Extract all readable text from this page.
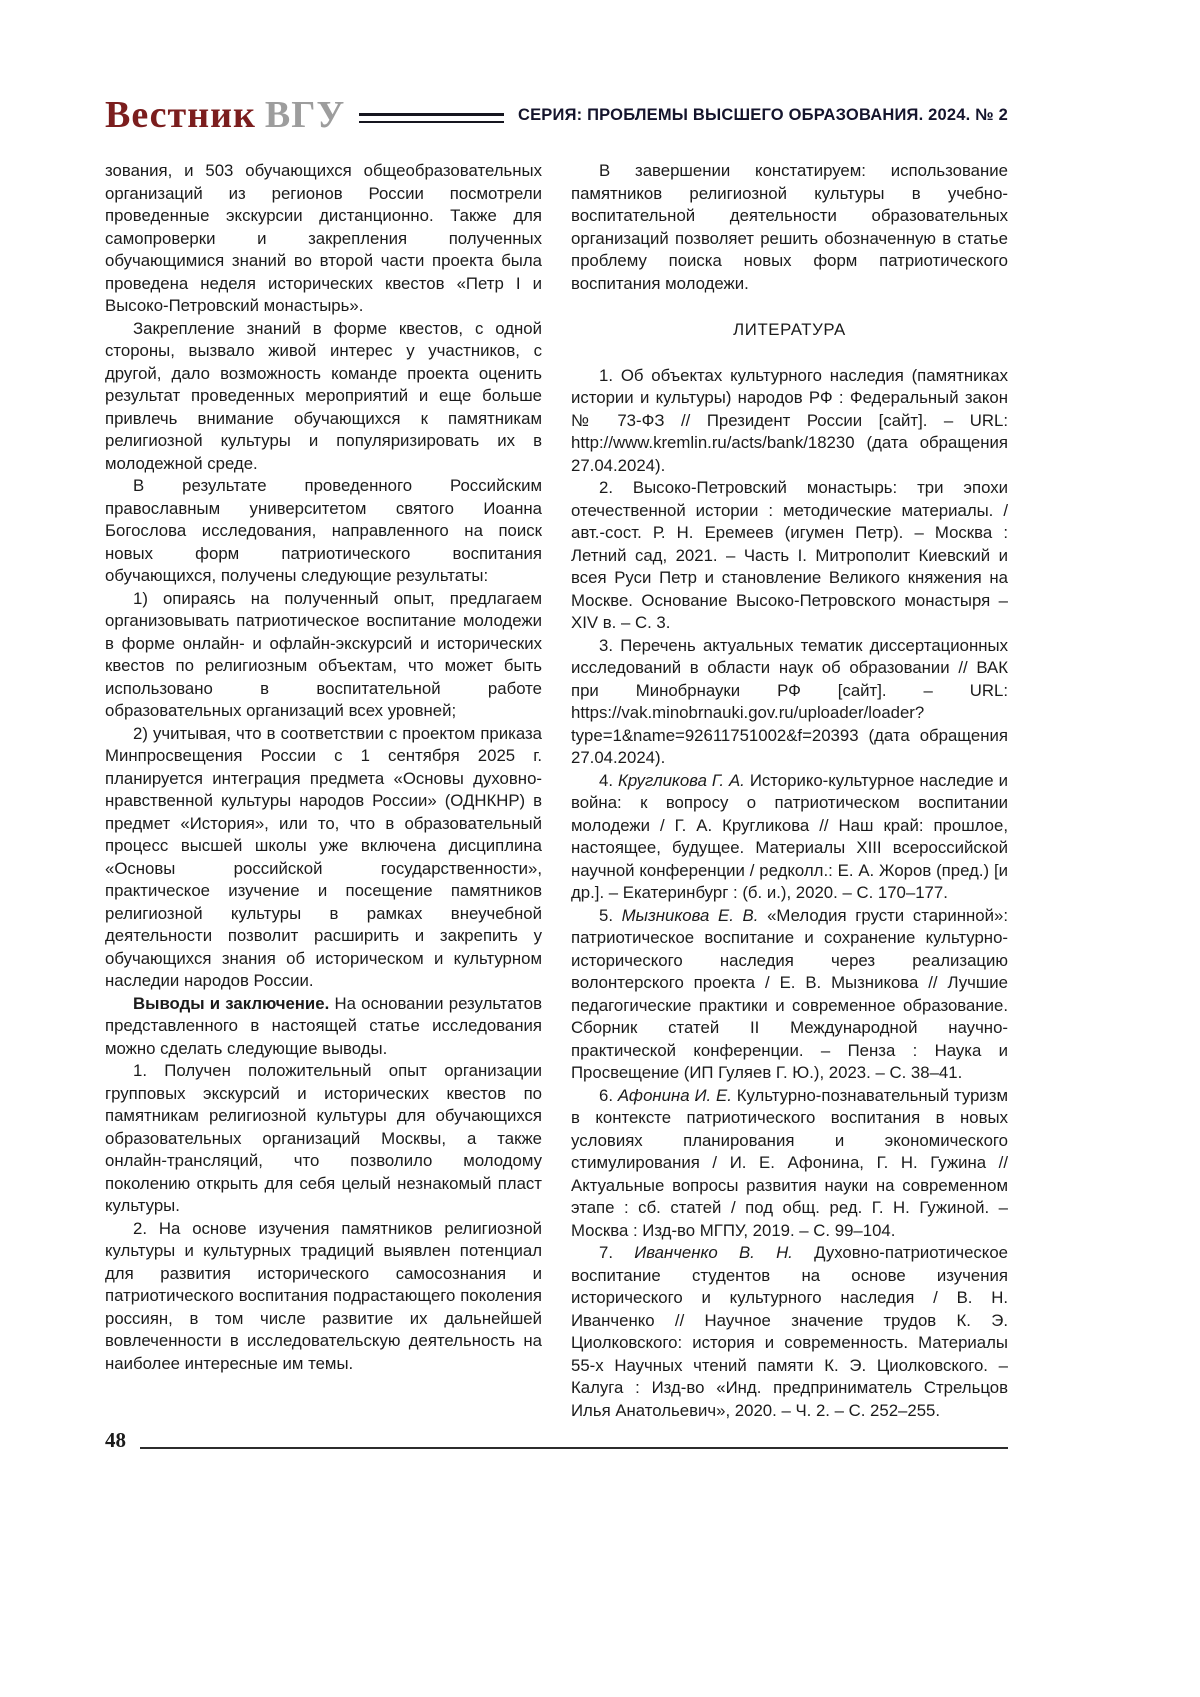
Вестник ВГУ	СЕРИЯ: ПРОБЛЕМЫ ВЫСШЕГО ОБРАЗОВАНИЯ. 2024. № 2

зования, и 503 обучающихся общеобразовательных организаций из регионов России посмотрели проведенные экскурсии дистанционно. Также для самопроверки и закрепления полученных обучающимися знаний во второй части проекта была проведена неделя исторических квестов «Петр I и Высоко-Петровский монастырь».

Закрепление знаний в форме квестов, с одной стороны, вызвало живой интерес у участников, с другой, дало возможность команде проекта оценить результат проведенных мероприятий и еще больше привлечь внимание обучающихся к памятникам религиозной культуры и популяризировать их в молодежной среде.

В результате проведенного Российским православным университетом святого Иоанна Богослова исследования, направленного на поиск новых форм патриотического воспитания обучающихся, получены следующие результаты:

1) опираясь на полученный опыт, предлагаем организовывать патриотическое воспитание молодежи в форме онлайн- и офлайн-экскурсий и исторических квестов по религиозным объектам, что может быть использовано в воспитательной работе образовательных организаций всех уровней;

2) учитывая, что в соответствии с проектом приказа Минпросвещения России с 1 сентября 2025 г. планируется интеграция предмета «Основы духовно-нравственной культуры народов России» (ОДНКНР) в предмет «История», или то, что в образовательный процесс высшей школы уже включена дисциплина «Основы российской государственности», практическое изучение и посещение памятников религиозной культуры в рамках внеучебной деятельности позволит расширить и закрепить у обучающихся знания об историческом и культурном наследии народов России.

Выводы и заключение. На основании результатов представленного в настоящей статье исследования можно сделать следующие выводы.

1. Получен положительный опыт организации групповых экскурсий и исторических квестов по памятникам религиозной культуры для обучающихся образовательных организаций Москвы, а также онлайн-трансляций, что позволило молодому поколению открыть для себя целый незнакомый пласт культуры.

2. На основе изучения памятников религиозной культуры и культурных традиций выявлен потенциал для развития исторического самосознания и патриотического воспитания подрастающего поколения россиян, в том числе развитие их дальнейшей вовлеченности в исследовательскую деятельность на наиболее интересные им темы.

В завершении констатируем: использование памятников религиозной культуры в учебно-воспитательной деятельности образовательных организаций позволяет решить обозначенную в статье проблему поиска новых форм патриотического воспитания молодежи.

ЛИТЕРАТУРА

1. Об объектах культурного наследия (памятниках истории и культуры) народов РФ : Федеральный закон № 73-ФЗ // Президент России [сайт]. – URL: http://www.kremlin.ru/acts/bank/18230 (дата обращения 27.04.2024).

2. Высоко-Петровский монастырь: три эпохи отечественной истории : методические материалы. / авт.-сост. Р. Н. Еремеев (игумен Петр). – Москва : Летний сад, 2021. – Часть I. Митрополит Киевский и всея Руси Петр и становление Великого княжения на Москве. Основание Высоко-Петровского монастыря – XIV в. – С. 3.

3. Перечень актуальных тематик диссертационных исследований в области наук об образовании // ВАК при Минобрнауки РФ [сайт]. – URL: https://vak.minobrnauki.gov.ru/uploader/loader?type=1&name=92611751002&f=20393 (дата обращения 27.04.2024).

4. Кругликова Г. А. Историко-культурное наследие и война: к вопросу о патриотическом воспитании молодежи / Г. А. Кругликова // Наш край: прошлое, настоящее, будущее. Материалы XIII всероссийской научной конференции / редколл.: Е. А. Жоров (пред.) [и др.]. – Екатеринбург : (б. и.), 2020. – С. 170–177.

5. Мызникова Е. В. «Мелодия грусти старинной»: патриотическое воспитание и сохранение культурно-исторического наследия через реализацию волонтерского проекта / Е. В. Мызникова // Лучшие педагогические практики и современное образование. Сборник статей II Международной научно-практической конференции. – Пенза : Наука и Просвещение (ИП Гуляев Г. Ю.), 2023. – С. 38–41.

6. Афонина И. Е. Культурно-познавательный туризм в контексте патриотического воспитания в новых условиях планирования и экономического стимулирования / И. Е. Афонина, Г. Н. Гужина // Актуальные вопросы развития науки на современном этапе : сб. статей / под общ. ред. Г. Н. Гужиной. – Москва : Изд-во МГПУ, 2019. – С. 99–104.

7. Иванченко В. Н. Духовно-патриотическое воспитание студентов на основе изучения исторического и культурного наследия / В. Н. Иванченко // Научное значение трудов К. Э. Циолковского: история и современность. Материалы 55-х Научных чтений памяти К. Э. Циолковского. – Калуга : Изд-во «Инд. предприниматель Стрельцов Илья Анатольевич», 2020. – Ч. 2. – С. 252–255.

48
